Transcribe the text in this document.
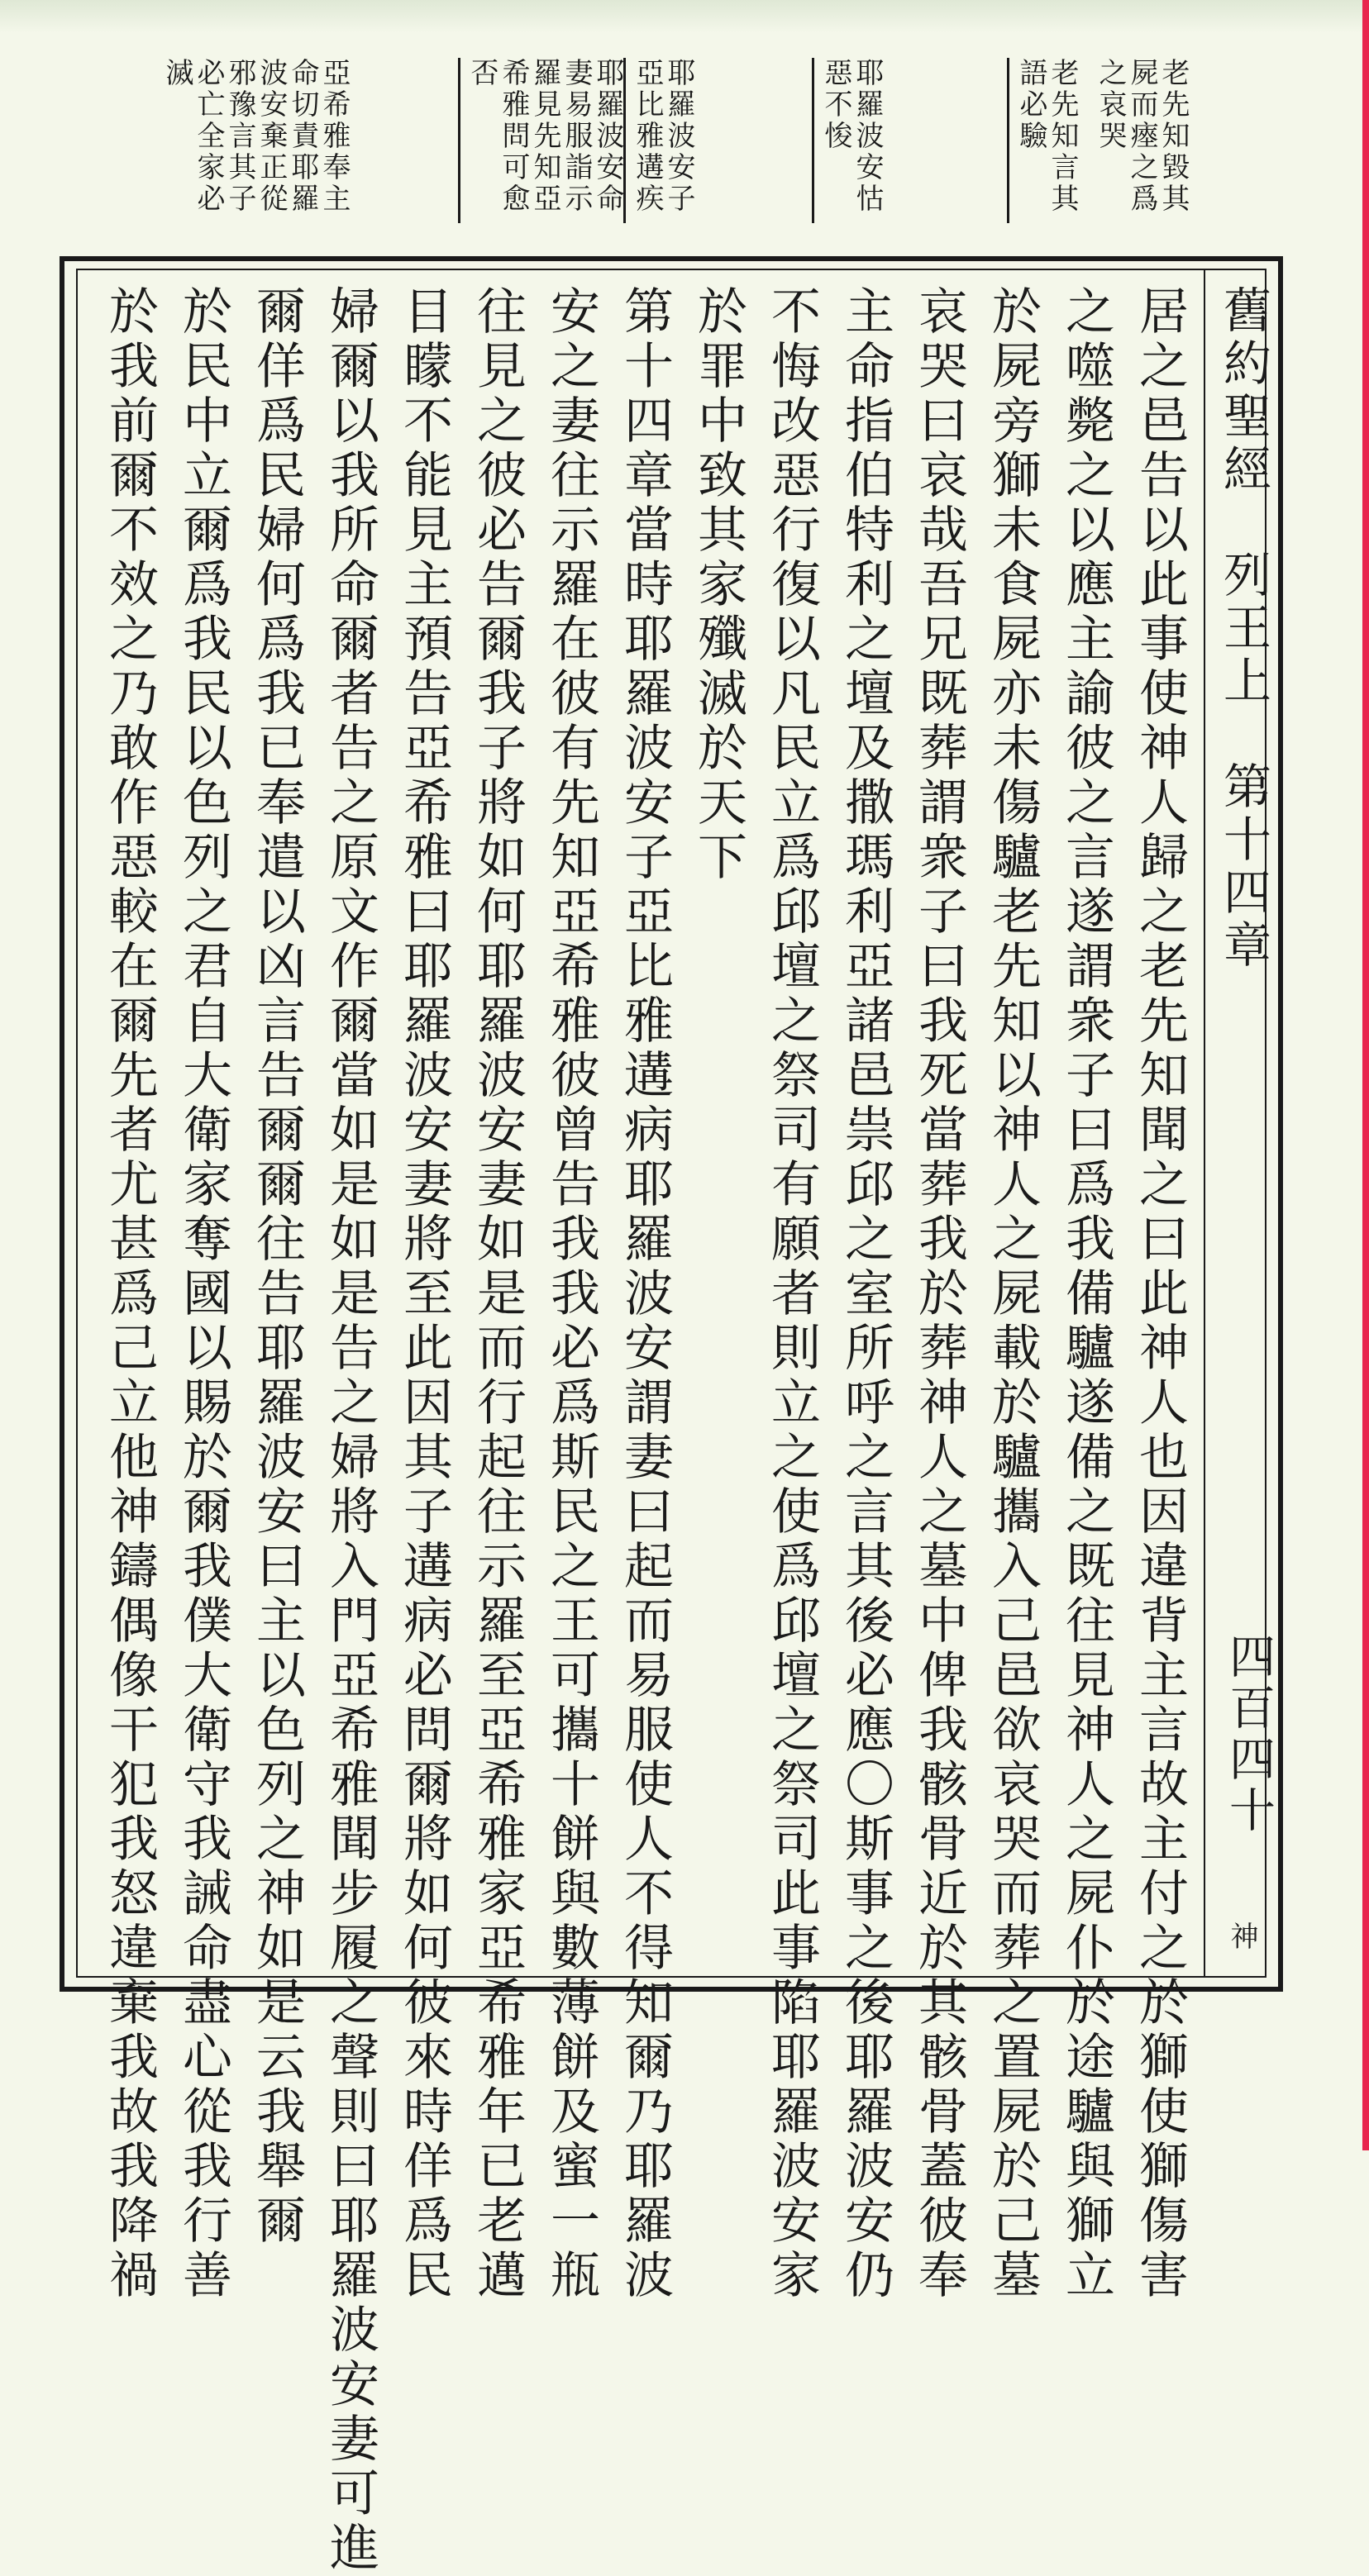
老先知毀其
屍而瘞之爲
之哀哭
老先知言其
語必驗
耶羅波安怙
惡不悛
耶羅波安子
亞比雅遘疾
耶羅波安命
妻易服詣示
羅見先知亞
希雅問可愈
否
亞希雅奉主
命切責耶羅
波安棄正從
邪豫言其子
必亡全家必
滅
舊約聖經　列王上　第十四章
四百四十
神
居之邑告以此事使神人歸之老先知聞之曰此神人也因違背主言故主付之於獅使獅傷害
之噬斃之以應主諭彼之言遂謂衆子曰爲我備驢遂備之既往見神人之屍仆於途驢與獅立
於屍旁獅未食屍亦未傷驢老先知以神人之屍載於驢攜入己邑欲哀哭而葬之置屍於己墓
哀哭曰哀哉吾兄既葬謂衆子曰我死當葬我於葬神人之墓中俾我骸骨近於其骸骨蓋彼奉
主命指伯特利之壇及撒瑪利亞諸邑祟邱之室所呼之言其後必應〇斯事之後耶羅波安仍
不悔改惡行復以凡民立爲邱壇之祭司有願者則立之使爲邱壇之祭司此事陷耶羅波安家
於罪中致其家殲滅於天下
第十四章當時耶羅波安子亞比雅遘病耶羅波安謂妻曰起而易服使人不得知爾乃耶羅波
安之妻往示羅在彼有先知亞希雅彼曾告我我必爲斯民之王可攜十餅與數薄餅及蜜一瓶
往見之彼必告爾我子將如何耶羅波安妻如是而行起往示羅至亞希雅家亞希雅年已老邁
目矇不能見主預告亞希雅曰耶羅波安妻將至此因其子遘病必問爾將如何彼來時佯爲民
婦爾以我所命爾者告之原文作爾當如是如是告之婦將入門亞希雅聞步履之聲則曰耶羅波安妻可進
爾佯爲民婦何爲我已奉遣以凶言告爾爾往告耶羅波安曰主以色列之神如是云我舉爾
於民中立爾爲我民以色列之君自大衛家奪國以賜於爾我僕大衛守我誡命盡心從我行善
於我前爾不效之乃敢作惡較在爾先者尤甚爲己立他神鑄偶像干犯我怒違棄我故我降禍
